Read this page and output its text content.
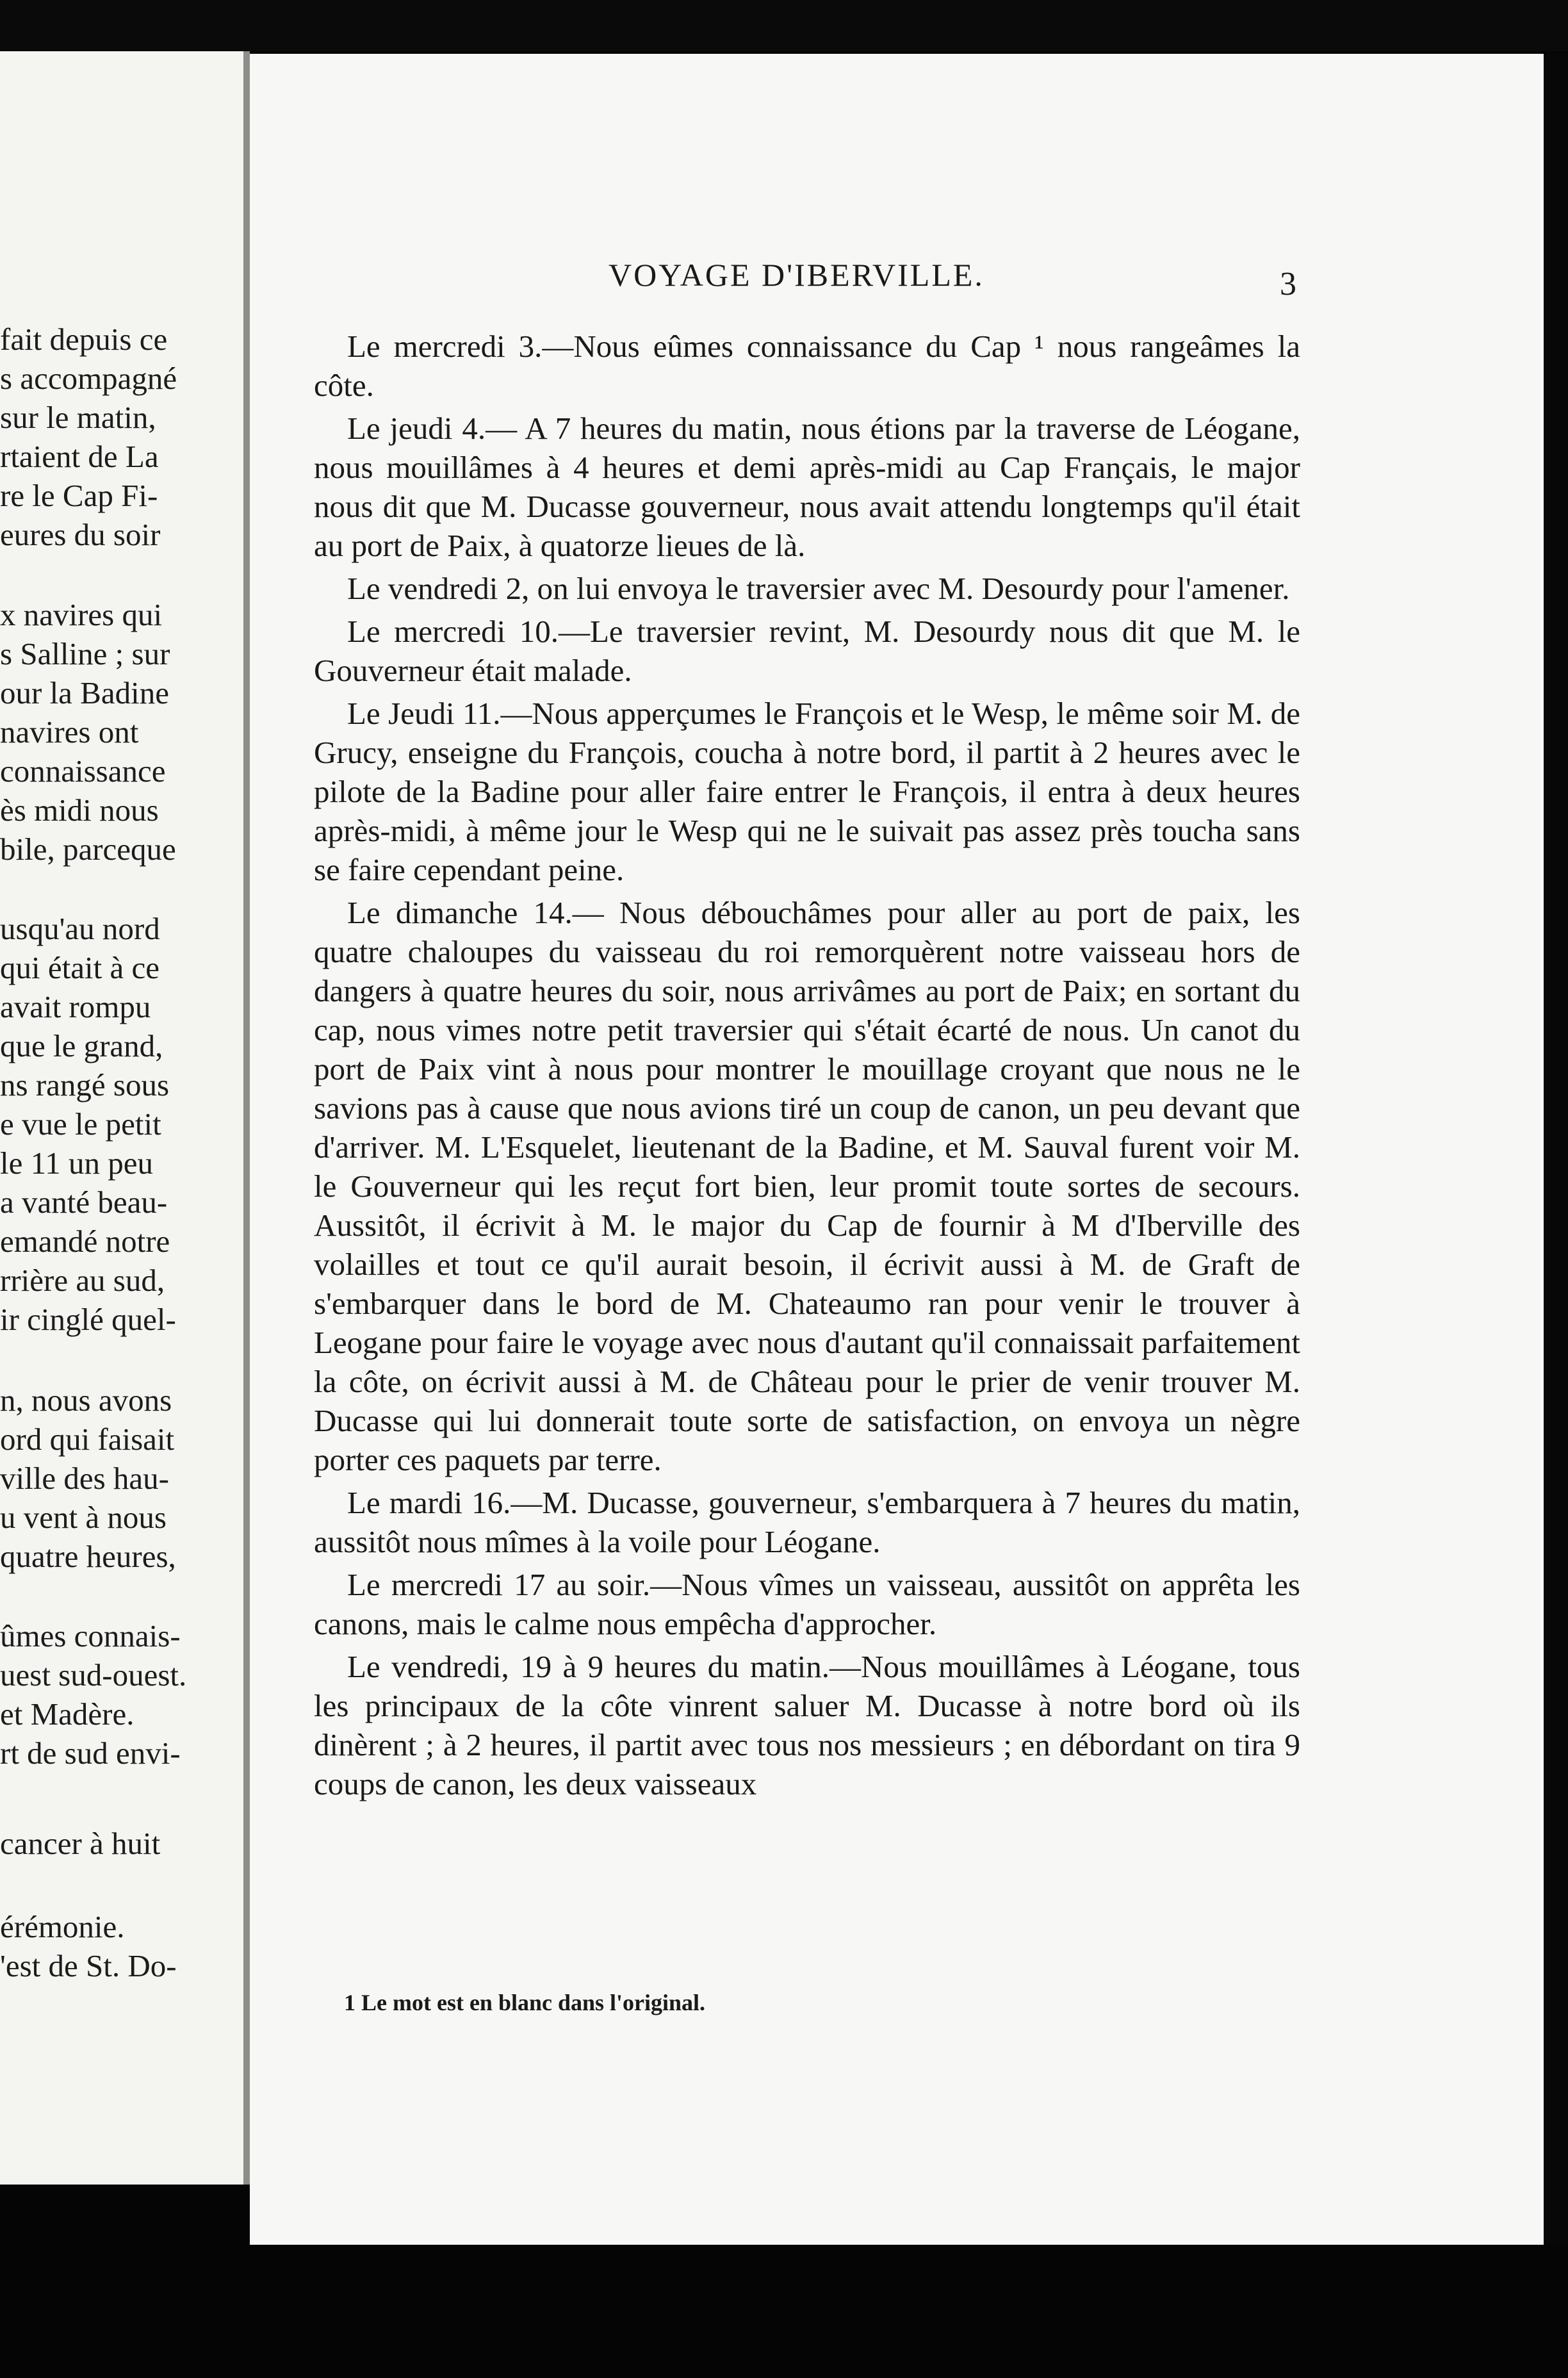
fait depuis ce
s accompagné
sur le matin,
rtaient de La
re le Cap Fi-
eures du soir
x navires qui
s Salline ; sur
our la Badine
navires ont
connaissance
ès midi nous
bile, parceque
usqu'au nord
qui était à ce
avait rompu
que le grand,
ns rangé sous
e vue le petit
le 11 un peu
a vanté beau-
emandé notre
rrière au sud,
ir cinglé quel-
n, nous avons
ord qui faisait
ville des hau-
u vent à nous
quatre heures,
ûmes connais-
uest sud-ouest.
et Madère.
rt de sud envi-
cancer à huit
érémonie.
'est de St. Do-
VOYAGE D'IBERVILLE.	3

Le mercredi 3.—Nous eûmes connaissance du Cap ¹ nous rangeâmes la côte.

Le jeudi 4.— A 7 heures du matin, nous étions par la traverse de Léogane, nous mouillâmes à 4 heures et demi après-midi au Cap Français, le major nous dit que M. Ducasse gouverneur, nous avait attendu longtemps qu'il était au port de Paix, à quatorze lieues de là.

Le vendredi 2, on lui envoya le traversier avec M. Desourdy pour l'amener.

Le mercredi 10.—Le traversier revint, M. Desourdy nous dit que M. le Gouverneur était malade.

Le Jeudi 11.—Nous apperçumes le François et le Wesp, le même soir M. de Grucy, enseigne du François, coucha à notre bord, il partit à 2 heures avec le pilote de la Badine pour aller faire entrer le François, il entra à deux heures après-midi, à même jour le Wesp qui ne le suivait pas assez près toucha sans se faire cependant peine.

Le dimanche 14.— Nous débouchâmes pour aller au port de paix, les quatre chaloupes du vaisseau du roi remorquèrent notre vaisseau hors de dangers à quatre heures du soir, nous arrivâmes au port de Paix; en sortant du cap, nous vimes notre petit traversier qui s'était écarté de nous. Un canot du port de Paix vint à nous pour montrer le mouillage croyant que nous ne le savions pas à cause que nous avions tiré un coup de canon, un peu devant que d'arriver. M. L'Esquelet, lieutenant de la Badine, et M. Sauval furent voir M. le Gouverneur qui les reçut fort bien, leur promit toute sortes de secours. Aussitôt, il écrivit à M. le major du Cap de fournir à M d'Iberville des volailles et tout ce qu'il aurait besoin, il écrivit aussi à M. de Graft de s'embarquer dans le bord de M. Chateaumo ran pour venir le trouver à Leogane pour faire le voyage avec nous d'autant qu'il connaissait parfaitement la côte, on écrivit aussi à M. de Château pour le prier de venir trouver M. Ducasse qui lui donnerait toute sorte de satisfaction, on envoya un nègre porter ces paquets par terre.

Le mardi 16.—M. Ducasse, gouverneur, s'embarquera à 7 heures du matin, aussitôt nous mîmes à la voile pour Léogane.

Le mercredi 17 au soir.—Nous vîmes un vaisseau, aussitôt on apprêta les canons, mais le calme nous empêcha d'approcher.

Le vendredi, 19 à 9 heures du matin.—Nous mouillâmes à Léogane, tous les principaux de la côte vinrent saluer M. Ducasse à notre bord où ils dinèrent ; à 2 heures, il partit avec tous nos messieurs ; en débordant on tira 9 coups de canon, les deux vaisseaux

1 Le mot est en blanc dans l'original.
